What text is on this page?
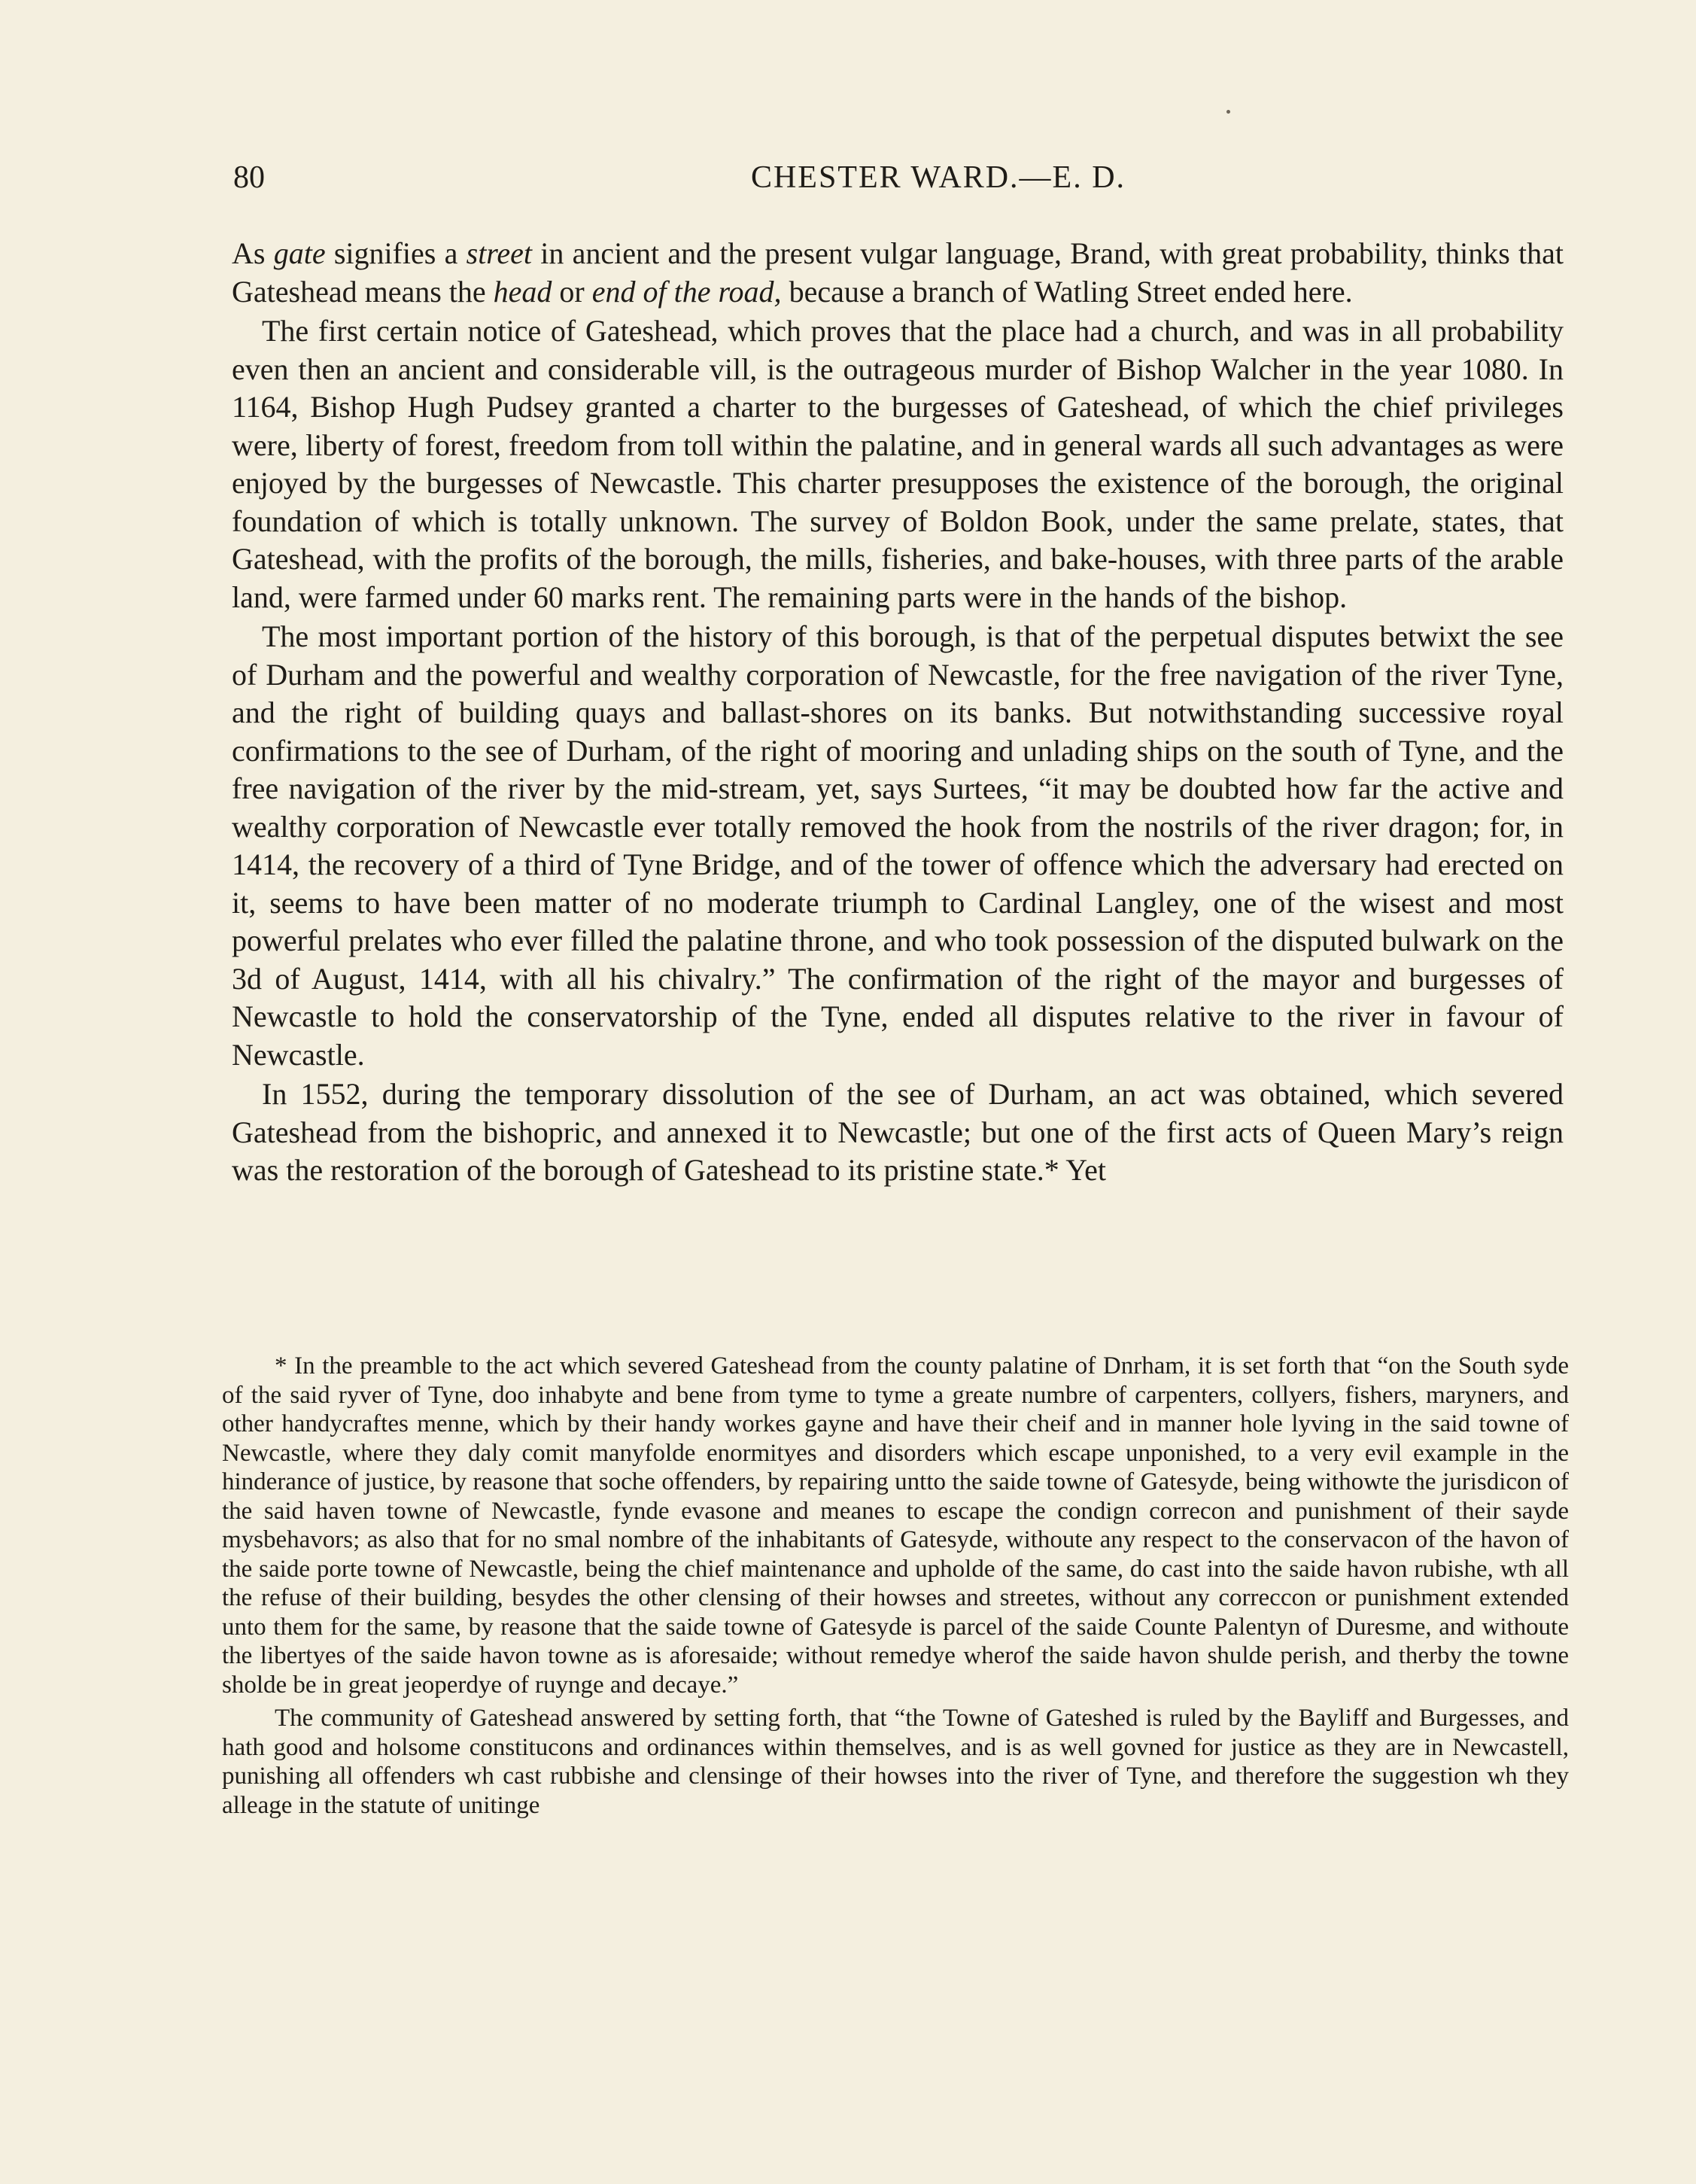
80	CHESTER WARD.—E. D.

As gate signifies a street in ancient and the present vulgar language, Brand, with great probability, thinks that Gateshead means the head or end of the road, because a branch of Watling Street ended here.

The first certain notice of Gateshead, which proves that the place had a church, and was in all probability even then an ancient and considerable vill, is the outrageous murder of Bishop Walcher in the year 1080. In 1164, Bishop Hugh Pudsey granted a charter to the burgesses of Gateshead, of which the chief privileges were, liberty of forest, freedom from toll within the palatine, and in general wards all such advantages as were enjoyed by the burgesses of Newcastle. This charter presupposes the existence of the borough, the original foundation of which is totally unknown. The survey of Boldon Book, under the same prelate, states, that Gateshead, with the profits of the borough, the mills, fisheries, and bake-houses, with three parts of the arable land, were farmed under 60 marks rent. The remaining parts were in the hands of the bishop.

The most important portion of the history of this borough, is that of the perpetual disputes betwixt the see of Durham and the powerful and wealthy corporation of Newcastle, for the free navigation of the river Tyne, and the right of building quays and ballast-shores on its banks. But notwithstanding successive royal confirmations to the see of Durham, of the right of mooring and unlading ships on the south of Tyne, and the free navigation of the river by the mid-stream, yet, says Surtees, “it may be doubted how far the active and wealthy corporation of Newcastle ever totally removed the hook from the nostrils of the river dragon; for, in 1414, the recovery of a third of Tyne Bridge, and of the tower of offence which the adversary had erected on it, seems to have been matter of no moderate triumph to Cardinal Langley, one of the wisest and most powerful prelates who ever filled the palatine throne, and who took possession of the disputed bulwark on the 3d of August, 1414, with all his chivalry.” The confirmation of the right of the mayor and burgesses of Newcastle to hold the conservatorship of the Tyne, ended all disputes relative to the river in favour of Newcastle.

In 1552, during the temporary dissolution of the see of Durham, an act was obtained, which severed Gateshead from the bishopric, and annexed it to Newcastle; but one of the first acts of Queen Mary’s reign was the restoration of the borough of Gateshead to its pristine state.* Yet

* In the preamble to the act which severed Gateshead from the county palatine of Dnrham, it is set forth that “on the South syde of the said ryver of Tyne, doo inhabyte and bene from tyme to tyme a greate numbre of carpenters, collyers, fishers, maryners, and other handycraftes menne, which by their handy workes gayne and have their cheif and in manner hole lyving in the said towne of Newcastle, where they daly comit manyfolde enormityes and disorders which escape unponished, to a very evil example in the hinderance of justice, by reasone that soche offenders, by repairing untto the saide towne of Gatesyde, being withowte the jurisdicon of the said haven towne of Newcastle, fynde evasone and meanes to escape the condign correcon and punishment of their sayde mysbehavors; as also that for no smal nombre of the inhabitants of Gatesyde, withoute any respect to the conservacon of the havon of the saide porte towne of Newcastle, being the chief maintenance and upholde of the same, do cast into the saide havon rubishe, wth all the refuse of their building, besydes the other clensing of their howses and streetes, without any correccon or punishment extended unto them for the same, by reasone that the saide towne of Gatesyde is parcel of the saide Counte Palentyn of Duresme, and withoute the libertyes of the saide havon towne as is aforesaide; without remedye wherof the saide havon shulde perish, and therby the towne sholde be in great jeoperdye of ruynge and decaye.”

The community of Gateshead answered by setting forth, that “the Towne of Gateshed is ruled by the Bayliff and Burgesses, and hath good and holsome constitucons and ordinances within themselves, and is as well govned for justice as they are in Newcastell, punishing all offenders wh cast rubbishe and clensinge of their howses into the river of Tyne, and therefore the suggestion wh they alleage in the statute of unitinge
